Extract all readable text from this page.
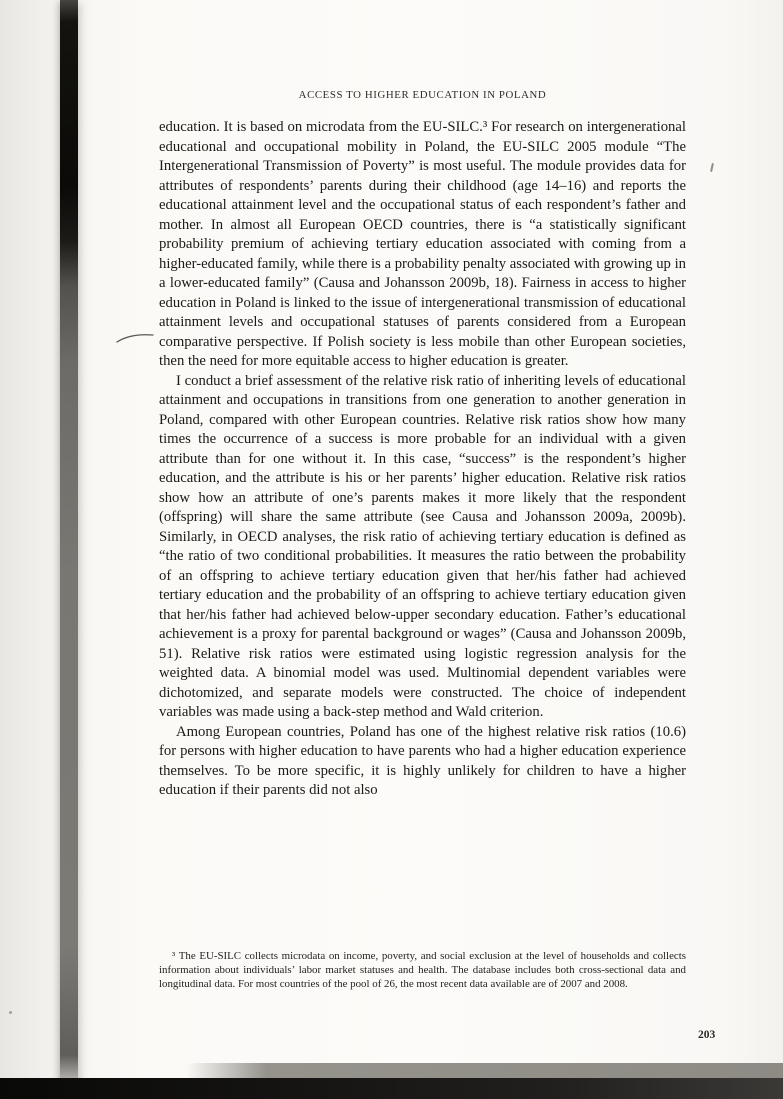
ACCESS TO HIGHER EDUCATION IN POLAND

education. It is based on microdata from the EU-SILC.³ For research on intergenerational educational and occupational mobility in Poland, the EU-SILC 2005 module “The Intergenerational Transmission of Poverty” is most useful. The module provides data for attributes of respondents’ parents during their childhood (age 14–16) and reports the educational attainment level and the occupational status of each respondent’s father and mother. In almost all European OECD countries, there is “a statistically significant probability premium of achieving tertiary education associated with coming from a higher-educated family, while there is a probability penalty associated with growing up in a lower-educated family” (Causa and Johansson 2009b, 18). Fairness in access to higher education in Poland is linked to the issue of intergenerational transmission of educational attainment levels and occupational statuses of parents considered from a European comparative perspective. If Polish society is less mobile than other European societies, then the need for more equitable access to higher education is greater.

I conduct a brief assessment of the relative risk ratio of inheriting levels of educational attainment and occupations in transitions from one generation to another generation in Poland, compared with other European countries. Relative risk ratios show how many times the occurrence of a success is more probable for an individual with a given attribute than for one without it. In this case, “success” is the respondent’s higher education, and the attribute is his or her parents’ higher education. Relative risk ratios show how an attribute of one’s parents makes it more likely that the respondent (offspring) will share the same attribute (see Causa and Johansson 2009a, 2009b). Similarly, in OECD analyses, the risk ratio of achieving tertiary education is defined as “the ratio of two conditional probabilities. It measures the ratio between the probability of an offspring to achieve tertiary education given that her/his father had achieved tertiary education and the probability of an offspring to achieve tertiary education given that her/his father had achieved below-upper secondary education. Father’s educational achievement is a proxy for parental background or wages” (Causa and Johansson 2009b, 51). Relative risk ratios were estimated using logistic regression analysis for the weighted data. A binomial model was used. Multinomial dependent variables were dichotomized, and separate models were constructed. The choice of independent variables was made using a back-step method and Wald criterion.

Among European countries, Poland has one of the highest relative risk ratios (10.6) for persons with higher education to have parents who had a higher education experience themselves. To be more specific, it is highly unlikely for children to have a higher education if their parents did not also

³ The EU-SILC collects microdata on income, poverty, and social exclusion at the level of households and collects information about individuals’ labor market statuses and health. The database includes both cross-sectional data and longitudinal data. For most countries of the pool of 26, the most recent data available are of 2007 and 2008.
203
